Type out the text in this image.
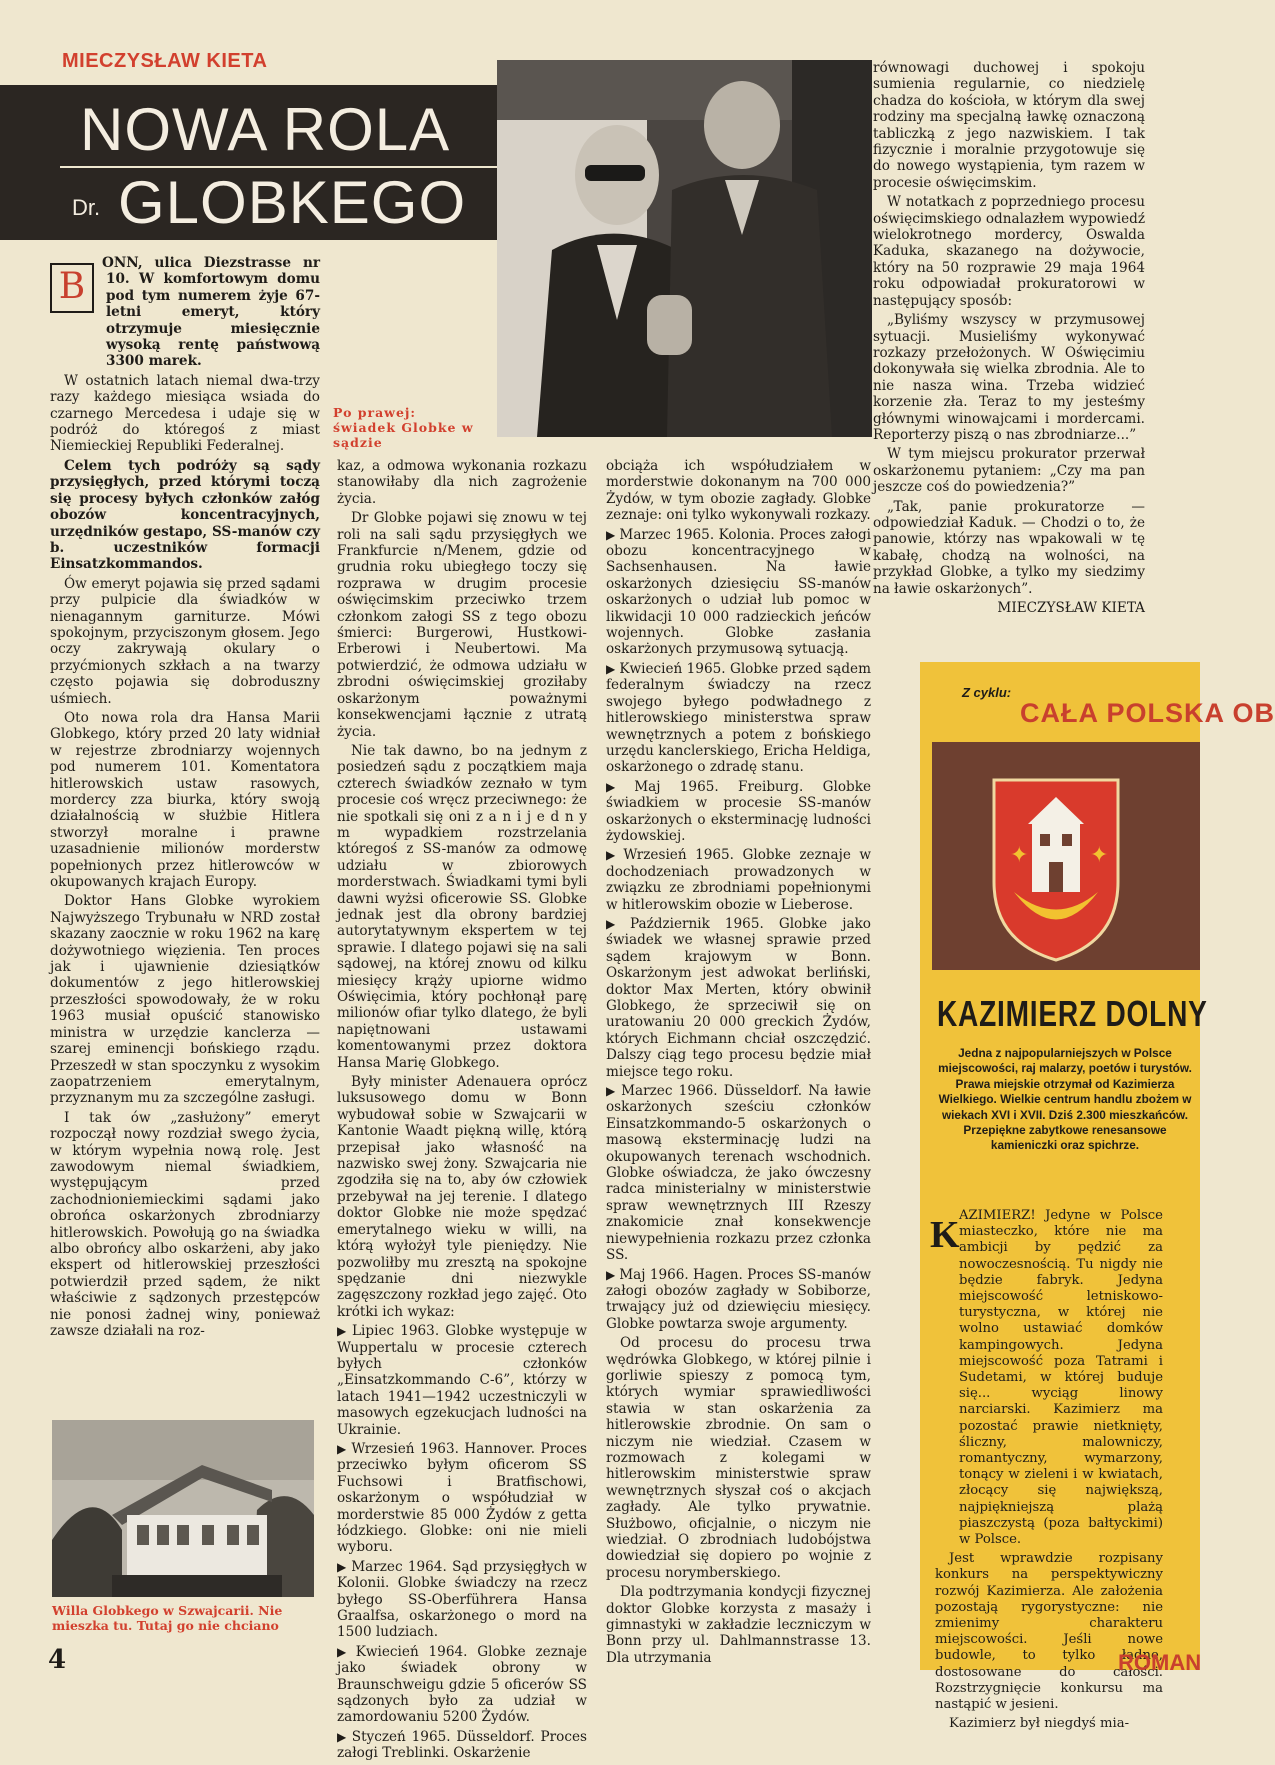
MIECZYSŁAW KIETA
NOWA ROLA
Dr. GLOBKEGO
Po prawej: świadek Globke w sądzie
B

ONN, ulica Diezstrasse nr 10. W komfortowym domu pod tym numerem żyje 67-letni emeryt, który otrzymuje miesięcznie wysoką rentę państwową 3300 marek.

W ostatnich latach niemal dwa-trzy razy każdego miesiąca wsiada do czarnego Mercedesa i udaje się w podróż do któregoś z miast Niemieckiej Republiki Federalnej.

Celem tych podróży są sądy przysięgłych, przed którymi toczą się procesy byłych członków załóg obozów koncentracyjnych, urzędników gestapo, SS-manów czy b. uczestników formacji Einsatzkommandos.

Ów emeryt pojawia się przed sądami przy pulpicie dla świadków w nienagannym garniturze. Mówi spokojnym, przyciszonym głosem. Jego oczy zakrywają okulary o przyćmionych szkłach a na twarzy często pojawia się dobroduszny uśmiech.

Oto nowa rola dra Hansa Marii Globkego, który przed 20 laty widniał w rejestrze zbrodniarzy wojennych pod numerem 101. Komentatora hitlerowskich ustaw rasowych, mordercy zza biurka, który swoją działalnością w służbie Hitlera stworzył moralne i prawne uzasadnienie milionów morderstw popełnionych przez hitlerowców w okupowanych krajach Europy.

Doktor Hans Globke wyrokiem Najwyższego Trybunału w NRD został skazany zaocznie w roku 1962 na karę dożywotniego więzienia. Ten proces jak i ujawnienie dziesiątków dokumentów z jego hitlerowskiej przeszłości spowodowały, że w roku 1963 musiał opuścić stanowisko ministra w urzędzie kanclerza — szarej eminencji bońskiego rządu. Przeszedł w stan spoczynku z wysokim zaopatrzeniem emerytalnym, przyznanym mu za szczególne zasługi.

I tak ów „zasłużony” emeryt rozpoczął nowy rozdział swego życia, w którym wypełnia nową rolę. Jest zawodowym niemal świadkiem, występującym przed zachodnioniemieckimi sądami jako obrońca oskarżonych zbrodniarzy hitlerowskich. Powołują go na świadka albo obrońcy albo oskarżeni, aby jako ekspert od hitlerowskiej przeszłości potwierdził przed sądem, że nikt właściwie z sądzonych przestępców nie ponosi żadnej winy, ponieważ zawsze działali na roz-

Willa Globkego w Szwajcarii. Nie mieszka tu. Tutaj go nie chciano

kaz, a odmowa wykonania rozkazu stanowiłaby dla nich zagrożenie życia.

Dr Globke pojawi się znowu w tej roli na sali sądu przysięgłych we Frankfurcie n/Menem, gdzie od grudnia roku ubiegłego toczy się rozprawa w drugim procesie oświęcimskim przeciwko trzem członkom załogi SS z tego obozu śmierci: Burgerowi, Hustkowi-Erberowi i Neubertowi. Ma potwierdzić, że odmowa udziału w zbrodni oświęcimskiej groziłaby oskarżonym poważnymi konsekwencjami łącznie z utratą życia.

Nie tak dawno, bo na jednym z posiedzeń sądu z początkiem maja czterech świadków zeznało w tym procesie coś wręcz przeciwnego: że nie spotkali się oni z a n i j e d n y m wypadkiem rozstrzelania któregoś z SS-manów za odmowę udziału w zbiorowych morderstwach. Świadkami tymi byli dawni wyżsi oficerowie SS. Globke jednak jest dla obrony bardziej autorytatywnym ekspertem w tej sprawie. I dlatego pojawi się na sali sądowej, na której znowu od kilku miesięcy krąży upiorne widmo Oświęcimia, który pochłonął parę milionów ofiar tylko dlatego, że byli napiętnowani ustawami komentowanymi przez doktora Hansa Marię Globkego.

Były minister Adenauera oprócz luksusowego domu w Bonn wybudował sobie w Szwajcarii w Kantonie Waadt piękną willę, którą przepisał jako własność na nazwisko swej żony. Szwajcaria nie zgodziła się na to, aby ów człowiek przebywał na jej terenie. I dlatego doktor Globke nie może spędzać emerytalnego wieku w willi, na którą wyłożył tyle pieniędzy. Nie pozwoliłby mu zresztą na spokojne spędzanie dni niezwykle zagęszczony rozkład jego zajęć. Oto krótki ich wykaz:

▶ Lipiec 1963. Globke występuje w Wuppertalu w procesie czterech byłych członków „Einsatzkommando C-6”, którzy w latach 1941—1942 uczestniczyli w masowych egzekucjach ludności na Ukrainie.

▶ Wrzesień 1963. Hannover. Proces przeciwko byłym oficerom SS Fuchsowi i Bratfischowi, oskarżonym o współudział w morderstwie 85 000 Żydów z getta łódzkiego. Globke: oni nie mieli wyboru.

▶ Marzec 1964. Sąd przysięgłych w Kolonii. Globke świadczy na rzecz byłego SS-Oberführera Hansa Graalfsa, oskarżonego o mord na 1500 ludziach.

▶ Kwiecień 1964. Globke zeznaje jako świadek obrony w Braunschweigu gdzie 5 oficerów SS sądzonych było za udział w zamordowaniu 5200 Żydów.

▶ Styczeń 1965. Düsseldorf. Proces załogi Treblinki. Oskarżenie

obciąża ich współudziałem w morderstwie dokonanym na 700 000 Żydów, w tym obozie zagłady. Globke zeznaje: oni tylko wykonywali rozkazy.

▶ Marzec 1965. Kolonia. Proces załogi obozu koncentracyjnego w Sachsenhausen. Na ławie oskarżonych dziesięciu SS-manów oskarżonych o udział lub pomoc w likwidacji 10 000 radzieckich jeńców wojennych. Globke zasłania oskarżonych przymusową sytuacją.

▶ Kwiecień 1965. Globke przed sądem federalnym świadczy na rzecz swojego byłego podwładnego z hitlerowskiego ministerstwa spraw wewnętrznych a potem z bońskiego urzędu kanclerskiego, Ericha Heldiga, oskarżonego o zdradę stanu.

▶ Maj 1965. Freiburg. Globke świadkiem w procesie SS-manów oskarżonych o eksterminację ludności żydowskiej.

▶ Wrzesień 1965. Globke zeznaje w dochodzeniach prowadzonych w związku ze zbrodniami popełnionymi w hitlerowskim obozie w Lieberose.

▶ Październik 1965. Globke jako świadek we własnej sprawie przed sądem krajowym w Bonn. Oskarżonym jest adwokat berliński, doktor Max Merten, który obwinił Globkego, że sprzeciwił się on uratowaniu 20 000 greckich Żydów, których Eichmann chciał oszczędzić. Dalszy ciąg tego procesu będzie miał miejsce tego roku.

▶ Marzec 1966. Düsseldorf. Na ławie oskarżonych sześciu członków Einsatzkommando-5 oskarżonych o masową eksterminację ludzi na okupowanych terenach wschodnich. Globke oświadcza, że jako ówczesny radca ministerialny w ministerstwie spraw wewnętrznych III Rzeszy znakomicie znał konsekwencje niewypełnienia rozkazu przez członka SS.

▶ Maj 1966. Hagen. Proces SS-manów załogi obozów zagłady w Sobiborze, trwający już od dziewięciu miesięcy. Globke powtarza swoje argumenty.

Od procesu do procesu trwa wędrówka Globkego, w której pilnie i gorliwie spieszy z pomocą tym, których wymiar sprawiedliwości stawia w stan oskarżenia za hitlerowskie zbrodnie. On sam o niczym nie wiedział. Czasem w rozmowach z kolegami w hitlerowskim ministerstwie spraw wewnętrznych słyszał coś o akcjach zagłady. Ale tylko prywatnie. Służbowo, oficjalnie, o niczym nie wiedział. O zbrodniach ludobójstwa dowiedział się dopiero po wojnie z procesu norymberskiego.

Dla podtrzymania kondycji fizycznej doktor Globke korzysta z masaży i gimnastyki w zakładzie leczniczym w Bonn przy ul. Dahlmannstrasse 13. Dla utrzymania

równowagi duchowej i spokoju sumienia regularnie, co niedzielę chadza do kościoła, w którym dla swej rodziny ma specjalną ławkę oznaczoną tabliczką z jego nazwiskiem. I tak fizycznie i moralnie przygotowuje się do nowego wystąpienia, tym razem w procesie oświęcimskim.

W notatkach z poprzedniego procesu oświęcimskiego odnalazłem wypowiedź wielokrotnego mordercy, Oswalda Kaduka, skazanego na dożywocie, który na 50 rozprawie 29 maja 1964 roku odpowiadał prokuratorowi w następujący sposób:

„Byliśmy wszyscy w przymusowej sytuacji. Musieliśmy wykonywać rozkazy przełożonych. W Oświęcimiu dokonywała się wielka zbrodnia. Ale to nie nasza wina. Trzeba widzieć korzenie zła. Teraz to my jesteśmy głównymi winowajcami i mordercami. Reporterzy piszą o nas zbrodniarze...”

W tym miejscu prokurator przerwał oskarżonemu pytaniem: „Czy ma pan jeszcze coś do powiedzenia?”

„Tak, panie prokuratorze — odpowiedział Kaduk. — Chodzi o to, że panowie, którzy nas wpakowali w tę kabałę, chodzą na wolności, na przykład Globke, a tylko my siedzimy na ławie oskarżonych”.

MIECZYSŁAW KIETA

Z cyklu:
CAŁA POLSKA OB
✦	✦
KAZIMIERZ DOLNY
Jedna z najpopularniejszych w Polsce miejscowości, raj malarzy, poetów i turystów. Prawa miejskie otrzymał od Kazimierza Wielkiego. Wielkie centrum handlu zbożem w wiekach XVI i XVII. Dziś 2.300 mieszkańców. Przepiękne zabytkowe renesansowe kamieniczki oraz spichrze.
K AZIMIERZ! Jedyne w Polsce miasteczko, które nie ma ambicji by pędzić za nowoczesnością. Tu nigdy nie będzie fabryk. Jedyna miejscowość letniskowo-turystyczna, w której nie wolno ustawiać domków kampingowych. Jedyna miejscowość poza Tatrami i Sudetami, w której buduje się... wyciąg linowy narciarski. Kazimierz ma pozostać prawie nietknięty, śliczny, malowniczy, romantyczny, wymarzony, tonący w zieleni i w kwiatach, złocący się największą, najpiękniejszą plażą piaszczystą (poza bałtyckimi) w Polsce.

Jest wprawdzie rozpisany konkurs na perspektywiczny rozwój Kazimierza. Ale założenia pozostają rygorystyczne: nie zmienimy charakteru miejscowości. Jeśli nowe budowle, to tylko ładne, dostosowane do całości. Rozstrzygnięcie konkursu ma nastąpić w jesieni.

Kazimierz był niegdyś mia-

4	ROMAN
